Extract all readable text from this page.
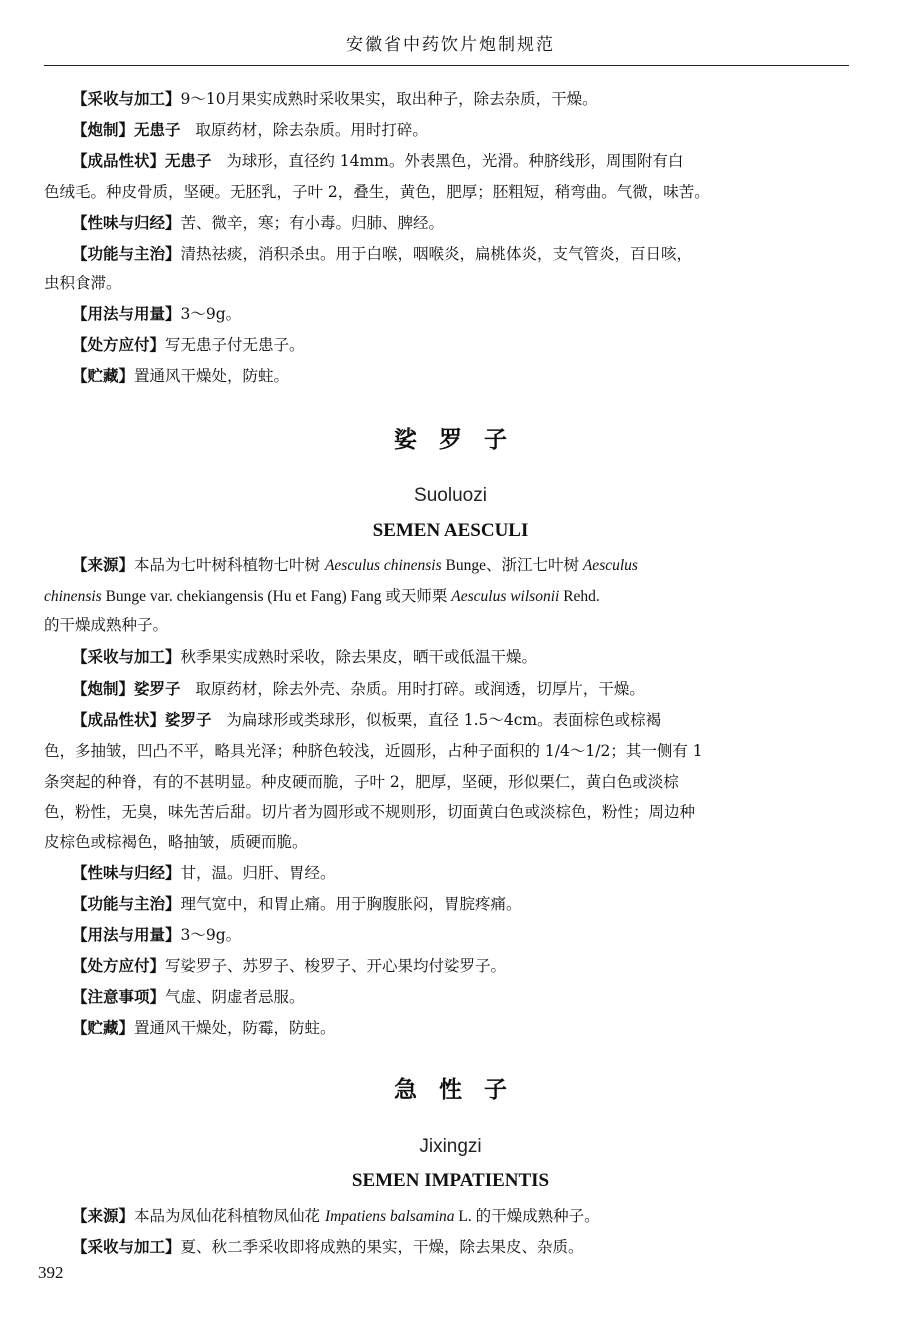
安徽省中药饮片炮制规范
【采收与加工】9～10月果实成熟时采收果实，取出种子，除去杂质，干燥。
【炮制】无患子 取原药材，除去杂质。用时打碎。
【成品性状】无患子 为球形，直径约 14mm。外表黑色，光滑。种脐线形，周围附有白
色绒毛。种皮骨质，坚硬。无胚乳，子叶 2，叠生，黄色，肥厚；胚粗短，稍弯曲。气微，味苦。
【性味与归经】苦、微辛，寒；有小毒。归肺、脾经。
【功能与主治】清热祛痰，消积杀虫。用于白喉，咽喉炎，扁桃体炎，支气管炎，百日咳，
虫积食滞。
【用法与用量】3～9g。
【处方应付】写无患子付无患子。
【贮藏】置通风干燥处，防蛀。
娑罗子
Suoluozi
SEMEN AESCULI
【来源】本品为七叶树科植物七叶树 Aesculus chinensis Bunge、浙江七叶树 Aesculus
chinensis Bunge var. chekiangensis (Hu et Fang) Fang 或天师栗 Aesculus wilsonii Rehd.
的干燥成熟种子。
【采收与加工】秋季果实成熟时采收，除去果皮，晒干或低温干燥。
【炮制】娑罗子 取原药材，除去外壳、杂质。用时打碎。或润透，切厚片，干燥。
【成品性状】娑罗子 为扁球形或类球形，似板栗，直径 1.5～4cm。表面棕色或棕褐
色，多抽皱，凹凸不平，略具光泽；种脐色较浅，近圆形，占种子面积的 1/4～1/2；其一侧有 1
条突起的种脊，有的不甚明显。种皮硬而脆，子叶 2，肥厚，坚硬，形似栗仁，黄白色或淡棕
色，粉性，无臭，味先苦后甜。切片者为圆形或不规则形，切面黄白色或淡棕色，粉性；周边种
皮棕色或棕褐色，略抽皱，质硬而脆。
【性味与归经】甘，温。归肝、胃经。
【功能与主治】理气宽中，和胃止痛。用于胸腹胀闷，胃脘疼痛。
【用法与用量】3～9g。
【处方应付】写娑罗子、苏罗子、梭罗子、开心果均付娑罗子。
【注意事项】气虚、阴虚者忌服。
【贮藏】置通风干燥处，防霉，防蛀。
急性子
Jixingzi
SEMEN IMPATIENTIS
【来源】本品为凤仙花科植物凤仙花 Impatiens balsamina L. 的干燥成熟种子。
【采收与加工】夏、秋二季采收即将成熟的果实，干燥，除去果皮、杂质。
392
